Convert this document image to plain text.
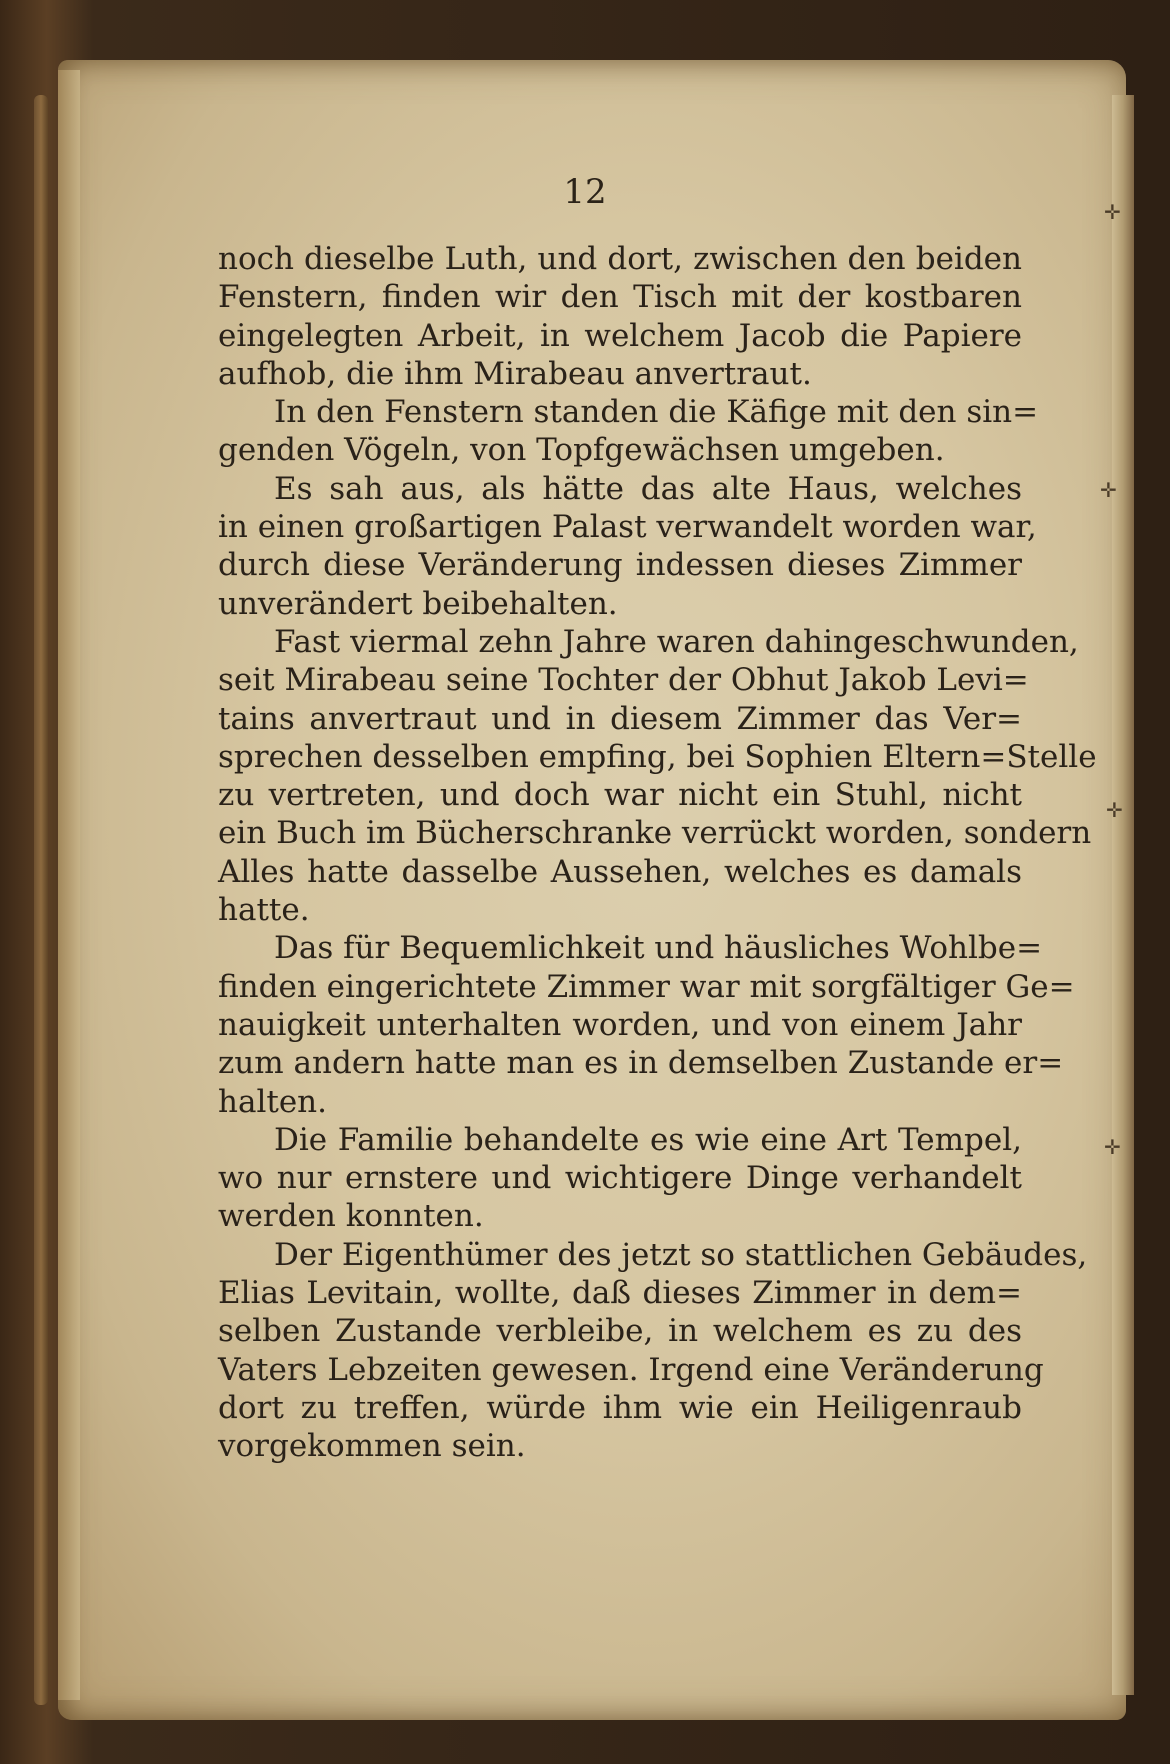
✛
✛
✛
✛
12
noch dieselbe Luth, und dort, zwischen den beiden
Fenstern, finden wir den Tisch mit der kostbaren
eingelegten Arbeit, in welchem Jacob die Papiere
aufhob, die ihm Mirabeau anvertraut.
In den Fenstern standen die Käfige mit den sin=
genden Vögeln, von Topfgewächsen umgeben.
Es sah aus, als hätte das alte Haus, welches
in einen großartigen Palast verwandelt worden war,
durch diese Veränderung indessen dieses Zimmer
unverändert beibehalten.
Fast viermal zehn Jahre waren dahingeschwunden,
seit Mirabeau seine Tochter der Obhut Jakob Levi=
tains anvertraut und in diesem Zimmer das Ver=
sprechen desselben empfing, bei Sophien Eltern=Stelle
zu vertreten, und doch war nicht ein Stuhl, nicht
ein Buch im Bücherschranke verrückt worden, sondern
Alles hatte dasselbe Aussehen, welches es damals
hatte.
Das für Bequemlichkeit und häusliches Wohlbe=
finden eingerichtete Zimmer war mit sorgfältiger Ge=
nauigkeit unterhalten worden, und von einem Jahr
zum andern hatte man es in demselben Zustande er=
halten.
Die Familie behandelte es wie eine Art Tempel,
wo nur ernstere und wichtigere Dinge verhandelt
werden konnten.
Der Eigenthümer des jetzt so stattlichen Gebäudes,
Elias Levitain, wollte, daß dieses Zimmer in dem=
selben Zustande verbleibe, in welchem es zu des
Vaters Lebzeiten gewesen. Irgend eine Veränderung
dort zu treffen, würde ihm wie ein Heiligenraub
vorgekommen sein.
